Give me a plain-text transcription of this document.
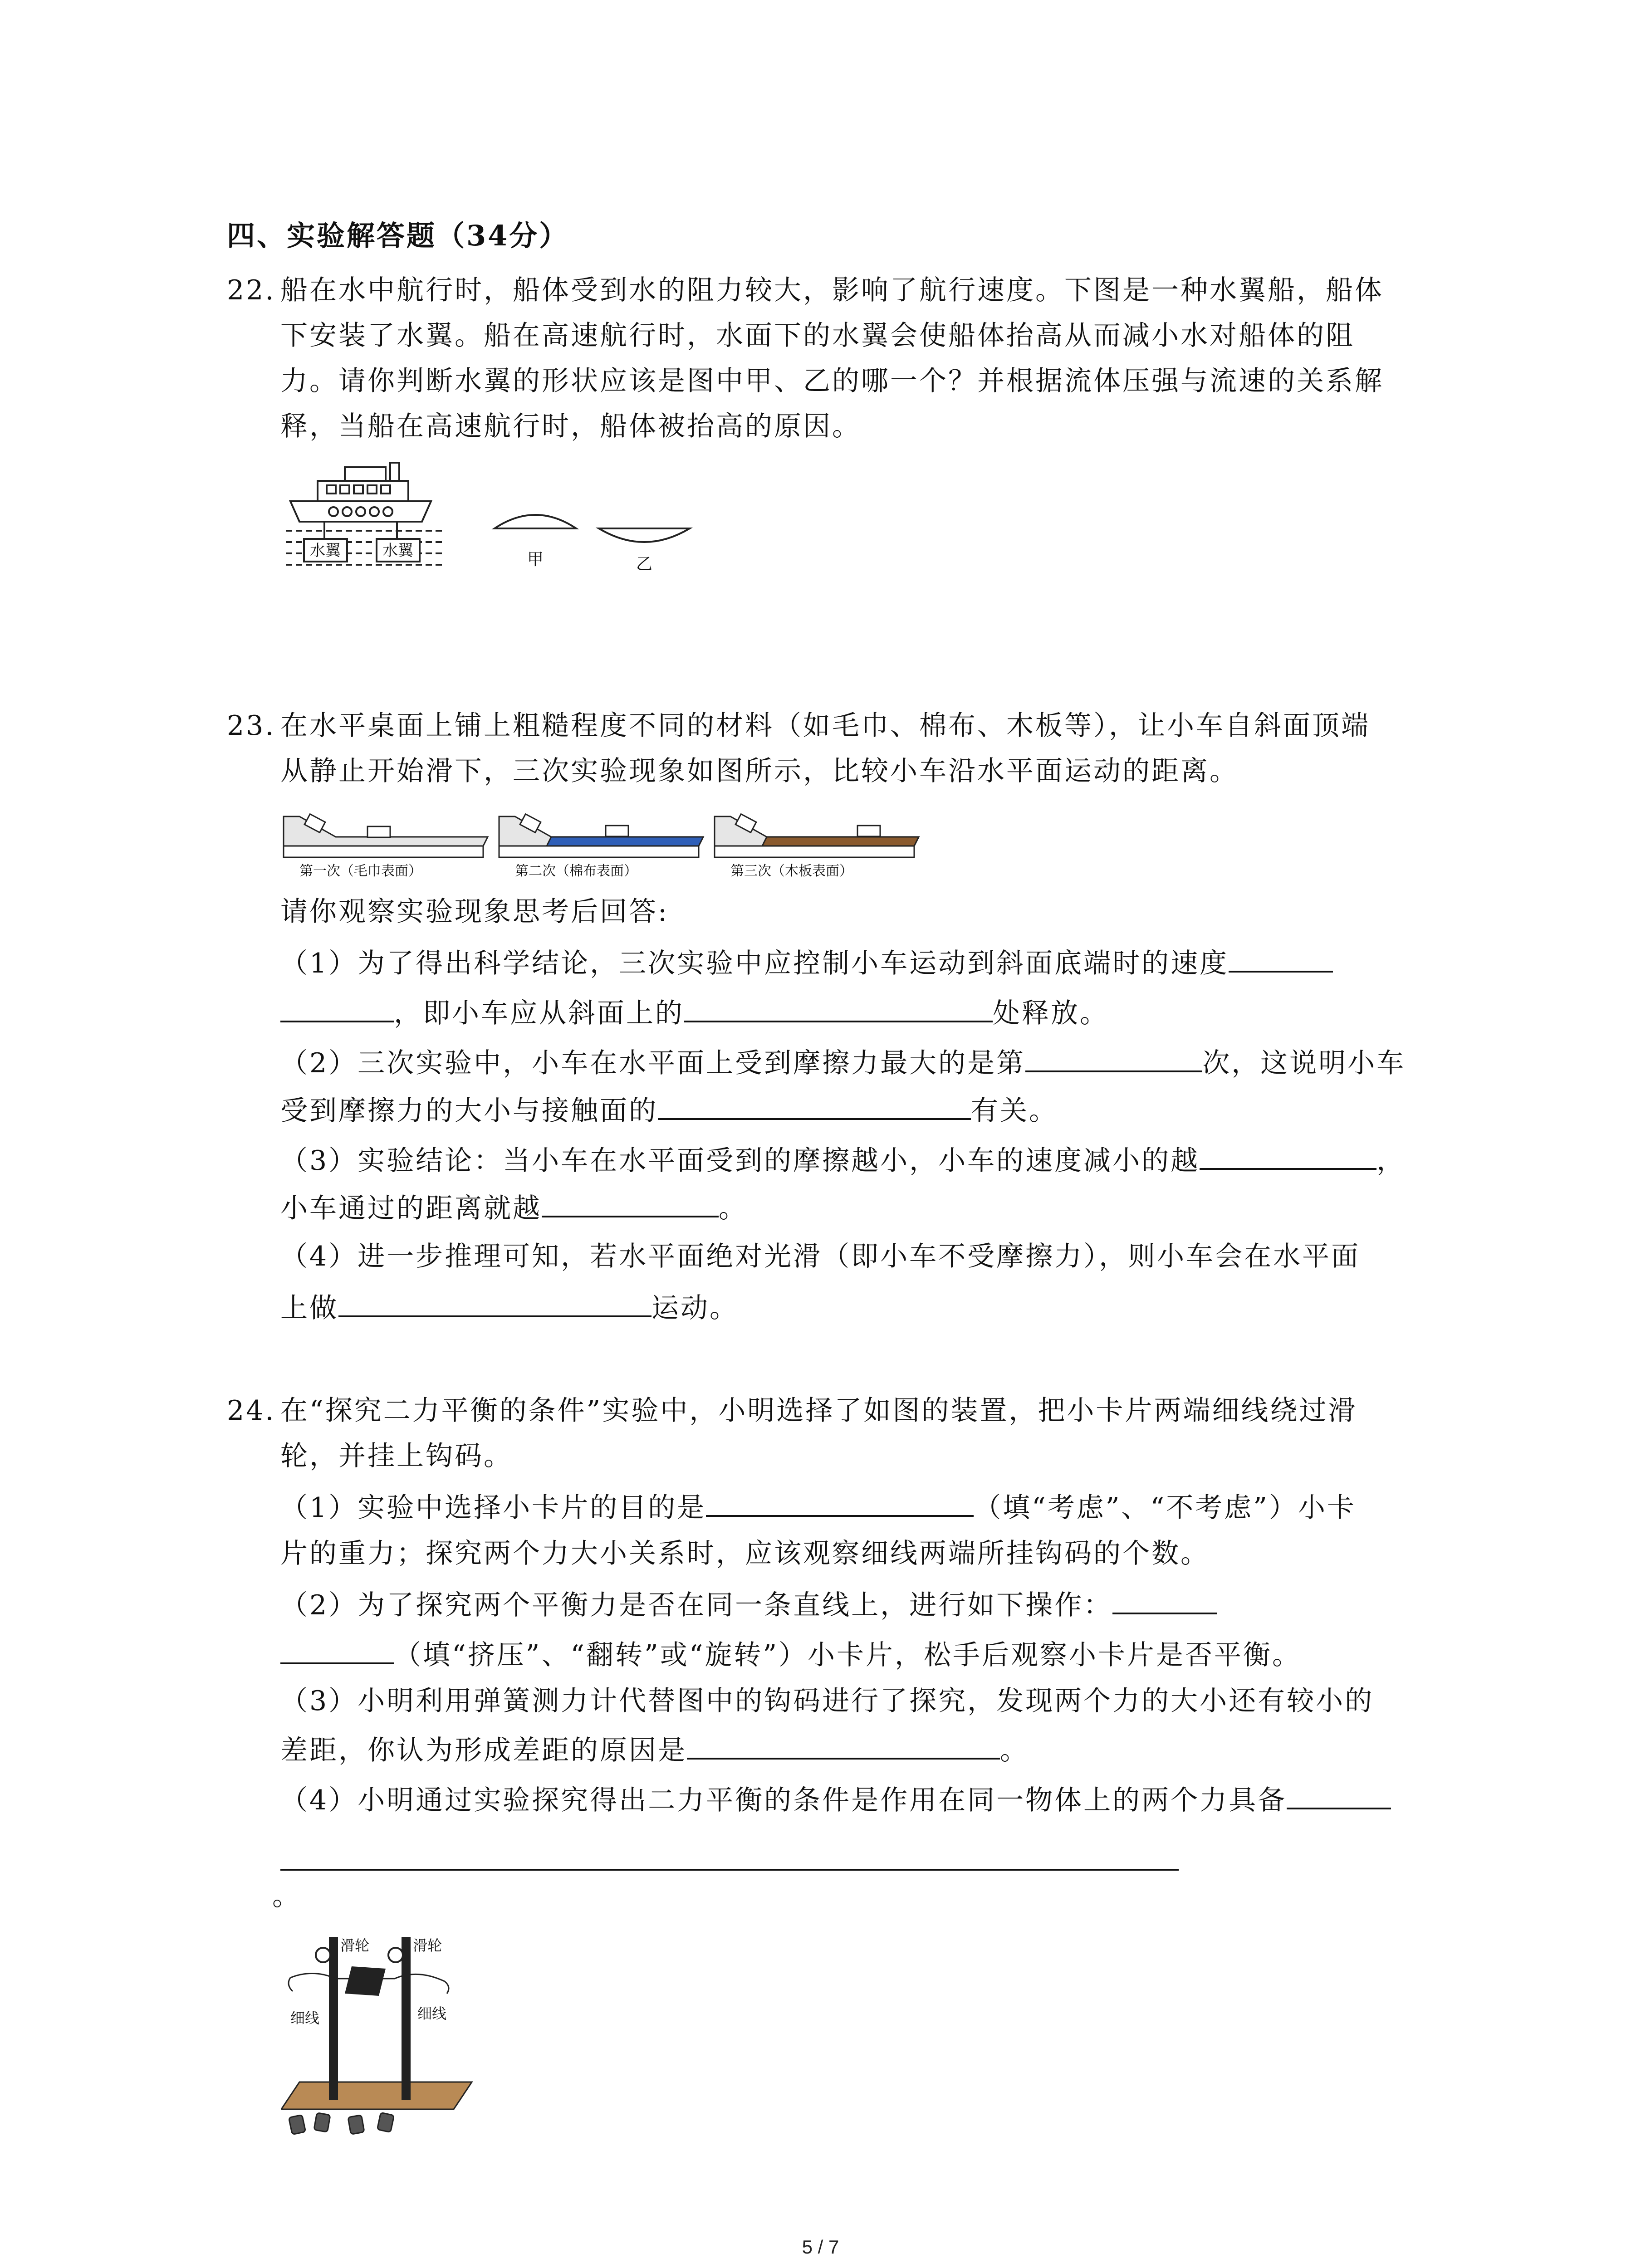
四、实验解答题（34分）
22. 船在水中航行时，船体受到水的阻力较大，影响了航行速度。下图是一种水翼船，船体
下安装了水翼。船在高速航行时，水面下的水翼会使船体抬高从而减小水对船体的阻
力。请你判断水翼的形状应该是图中甲、乙的哪一个？并根据流体压强与流速的关系解
释，当船在高速航行时，船体被抬高的原因。
水翼	水翼	甲	乙
23. 在水平桌面上铺上粗糙程度不同的材料（如毛巾、棉布、木板等），让小车自斜面顶端
从静止开始滑下，三次实验现象如图所示，比较小车沿水平面运动的距离。
第一次（毛巾表面）	第二次（棉布表面）	第三次（木板表面）
请你观察实验现象思考后回答:
（1）为了得出科学结论，三次实验中应控制小车运动到斜面底端时的速度
，即小车应从斜面上的	处释放。
（2）三次实验中，小车在水平面上受到摩擦力最大的是第	次，这说明小车
受到摩擦力的大小与接触面的	有关。
（3）实验结论：当小车在水平面受到的摩擦越小，小车的速度减小的越	，
小车通过的距离就越	。
（4）进一步推理可知，若水平面绝对光滑（即小车不受摩擦力），则小车会在水平面
上做	运动。
24. 在“探究二力平衡的条件”实验中，小明选择了如图的装置，把小卡片两端细线绕过滑
轮，并挂上钩码。
（1）实验中选择小卡片的目的是	（填“考虑”、“不考虑”）小卡
片的重力；探究两个力大小关系时，应该观察细线两端所挂钩码的个数。
（2）为了探究两个平衡力是否在同一条直线上，进行如下操作：
（填“挤压”、“翻转”或“旋转”）小卡片，松手后观察小卡片是否平衡。
（3）小明利用弹簧测力计代替图中的钩码进行了探究，发现两个力的大小还有较小的
差距，你认为形成差距的原因是	。
（4）小明通过实验探究得出二力平衡的条件是作用在同一物体上的两个力具备
。
滑轮	滑轮
细线	细线
5 / 7
